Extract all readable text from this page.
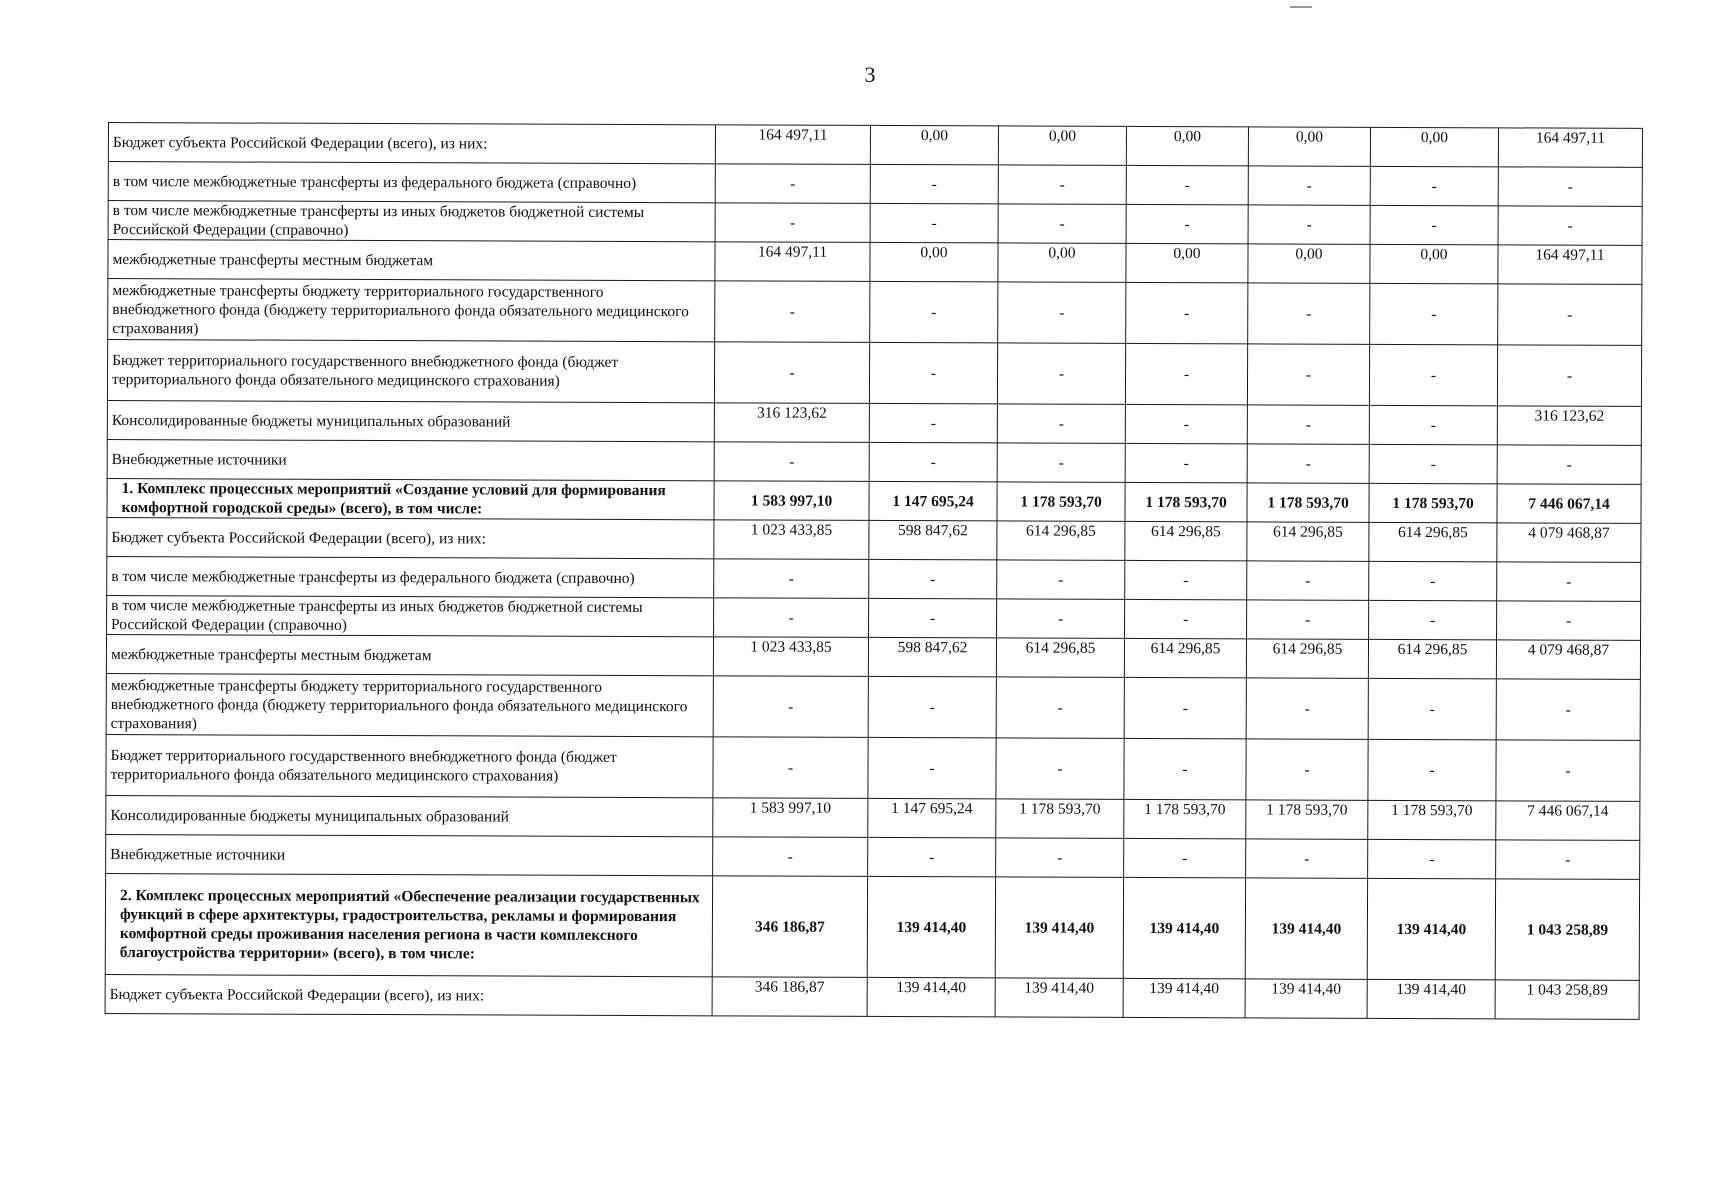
3
Бюджет субъекта Российской Федерации (всего), из них:	164 497,11	0,00	0,00	0,00	0,00	0,00	164 497,11
в том числе межбюджетные трансферты из федерального бюджета (справочно)	-	-	-	-	-	-	-
в том числе межбюджетные трансферты из иных бюджетов бюджетной системы Российской Федерации (справочно)	-	-	-	-	-	-	-
межбюджетные трансферты местным бюджетам	164 497,11	0,00	0,00	0,00	0,00	0,00	164 497,11
межбюджетные трансферты бюджету территориального государственного внебюджетного фонда (бюджету территориального фонда обязательного медицинского страхования)	-	-	-	-	-	-	-
Бюджет территориального государственного внебюджетного фонда (бюджет территориального фонда обязательного медицинского страхования)	-	-	-	-	-	-	-
Консолидированные бюджеты муниципальных образований	316 123,62	-	-	-	-	-	316 123,62
Внебюджетные источники	-	-	-	-	-	-	-
1. Комплекс процессных мероприятий «Создание условий для формирования комфортной городской среды» (всего), в том числе:	1 583 997,10	1 147 695,24	1 178 593,70	1 178 593,70	1 178 593,70	1 178 593,70	7 446 067,14
Бюджет субъекта Российской Федерации (всего), из них:	1 023 433,85	598 847,62	614 296,85	614 296,85	614 296,85	614 296,85	4 079 468,87
в том числе межбюджетные трансферты из федерального бюджета (справочно)	-	-	-	-	-	-	-
в том числе межбюджетные трансферты из иных бюджетов бюджетной системы Российской Федерации (справочно)	-	-	-	-	-	-	-
межбюджетные трансферты местным бюджетам	1 023 433,85	598 847,62	614 296,85	614 296,85	614 296,85	614 296,85	4 079 468,87
межбюджетные трансферты бюджету территориального государственного внебюджетного фонда (бюджету территориального фонда обязательного медицинского страхования)	-	-	-	-	-	-	-
Бюджет территориального государственного внебюджетного фонда (бюджет территориального фонда обязательного медицинского страхования)	-	-	-	-	-	-	-
Консолидированные бюджеты муниципальных образований	1 583 997,10	1 147 695,24	1 178 593,70	1 178 593,70	1 178 593,70	1 178 593,70	7 446 067,14
Внебюджетные источники	-	-	-	-	-	-	-
2. Комплекс процессных мероприятий «Обеспечение реализации государственных функций в сфере архитектуры, градостроительства, рекламы и формирования комфортной среды проживания населения региона в части комплексного благоустройства территории» (всего), в том числе:	346 186,87	139 414,40	139 414,40	139 414,40	139 414,40	139 414,40	1 043 258,89
Бюджет субъекта Российской Федерации (всего), из них:	346 186,87	139 414,40	139 414,40	139 414,40	139 414,40	139 414,40	1 043 258,89
